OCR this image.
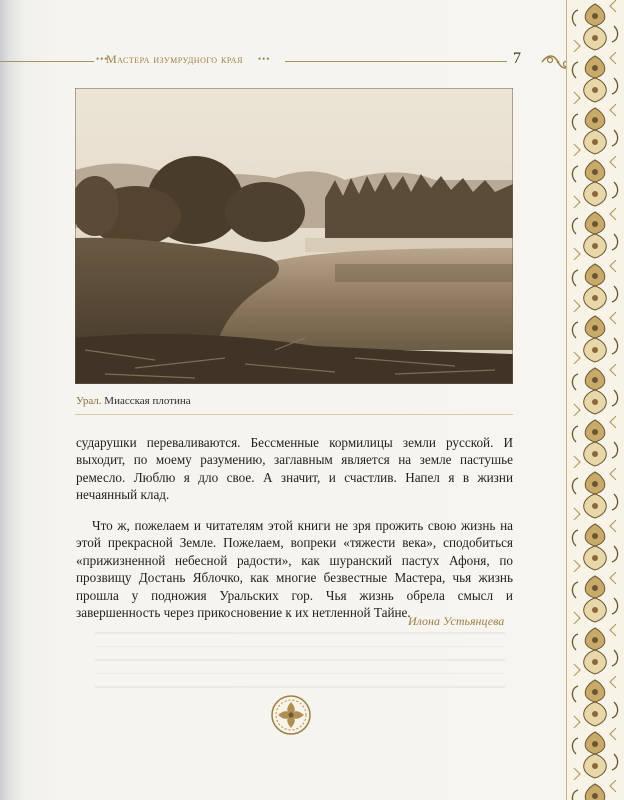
•••
Мастера изумрудного края •••	7
Урал. Миасская плотина

сударушки переваливаются. Бессменные кормилицы земли русской. И выходит, по моему разумению, заглавным является на земле пастушье ремесло. Люблю я дло свое. А значит, и счастлив. Напел я в жизни нечаянный клад.

Что ж, пожелаем и читателям этой книги не зря прожить свою жизнь на этой прекрасной Земле. Пожелаем, вопреки «тяжести века», сподобиться «прижизненной небесной радости», как шуранский пастух Афоня, по прозвищу Достань Яблочко, как многие безвестные Мастера, чья жизнь прошла у подножия Уральских гор. Чья жизнь обрела смысл и завершенность через прикосновение к их нетленной Тайне.

Илона Устьянцева
